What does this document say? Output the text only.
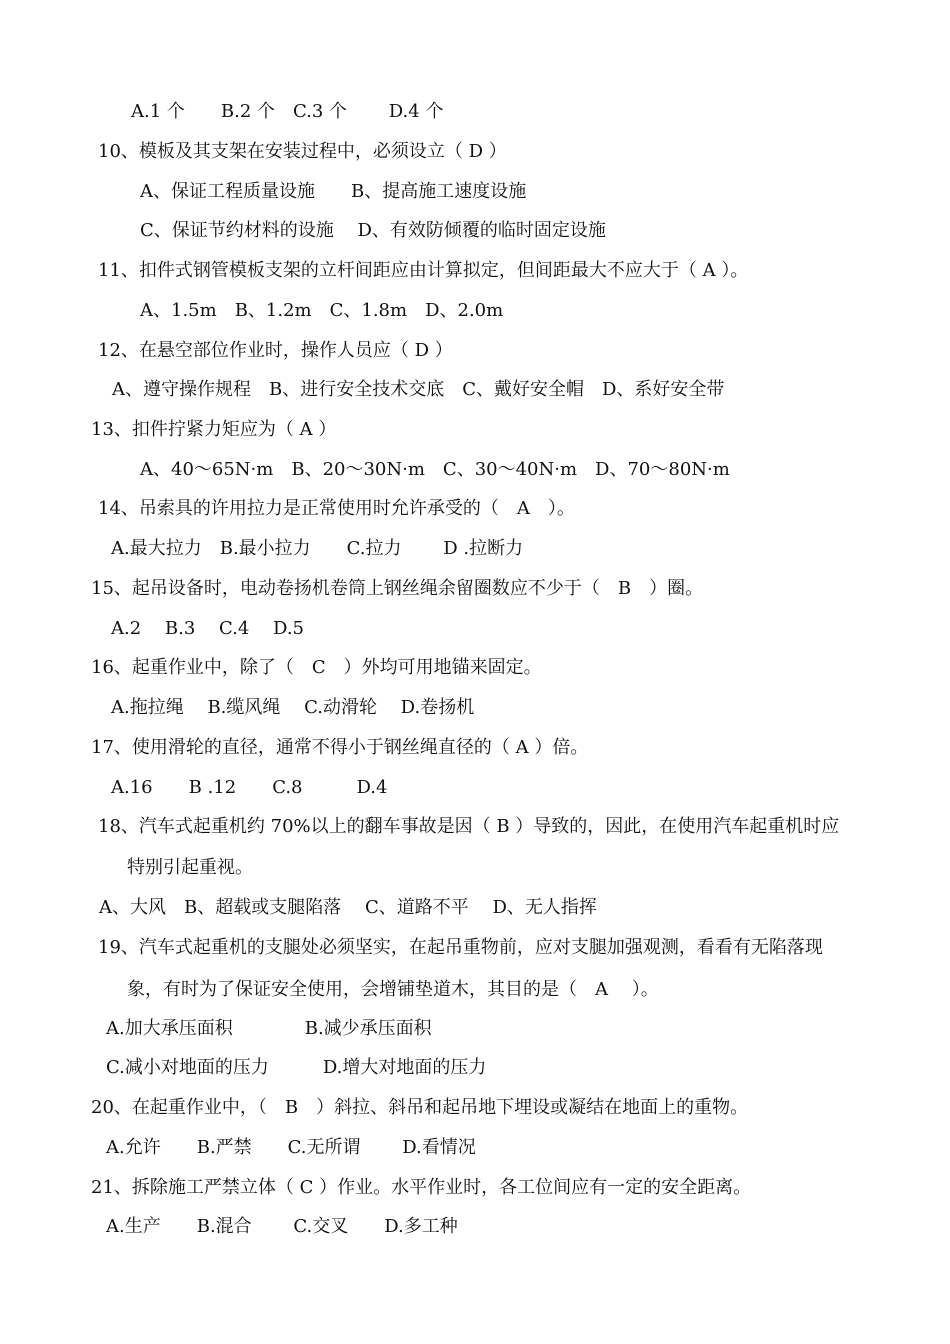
A.1 个　　B.2 个　C.3 个　　 D.4 个
10、模板及其支架在安装过程中，必须设立（ D ）
A、保证工程质量设施　　B、提高施工速度设施
C、保证节约材料的设施　 D、有效防倾覆的临时固定设施
11、扣件式钢管模板支架的立杆间距应由计算拟定，但间距最大不应大于（ A ）。
A、1.5m　B、1.2m　C、1.8m　D、2.0m
12、在悬空部位作业时，操作人员应（ D ）
A、遵守操作规程　B、进行安全技术交底　C、戴好安全帽　D、系好安全带
13、扣件拧紧力矩应为（ A ）
A、40～65N·m　B、20～30N·m　C、30～40N·m　D、70～80N·m
14、吊索具的许用拉力是正常使用时允许承受的（　A　）。
A.最大拉力　B.最小拉力　　C.拉力　　 D .拉断力
15、起吊设备时，电动卷扬机卷筒上钢丝绳余留圈数应不少于（　B　）圈。
A.2　 B.3　 C.4　 D.5
16、起重作业中，除了（　C　）外均可用地锚来固定。
A.拖拉绳　 B.缆风绳　 C.动滑轮　 D.卷扬机
17、使用滑轮的直径，通常不得小于钢丝绳直径的（ A ）倍。
A.16　　B .12　　C.8　　　D.4
18、汽车式起重机约 70%以上的翻车事故是因（ B ）导致的，因此，在使用汽车起重机时应
特别引起重视。
A、大风　B、超载或支腿陷落　 C、道路不平　 D、无人指挥
19、汽车式起重机的支腿处必须坚实，在起吊重物前，应对支腿加强观测，看看有无陷落现
象，有时为了保证安全使用，会增铺垫道木，其目的是（　A　 ）。
A.加大承压面积　　　　B.减少承压面积
C.减小对地面的压力　　　D.增大对地面的压力
20、在起重作业中，（　B　）斜拉、斜吊和起吊地下埋设或凝结在地面上的重物。
A.允许　　B.严禁　　C.无所谓　　 D.看情况
21、拆除施工严禁立体（ C ）作业。水平作业时，各工位间应有一定的安全距离。
A.生产　　B.混合　　 C.交叉　　D.多工种
